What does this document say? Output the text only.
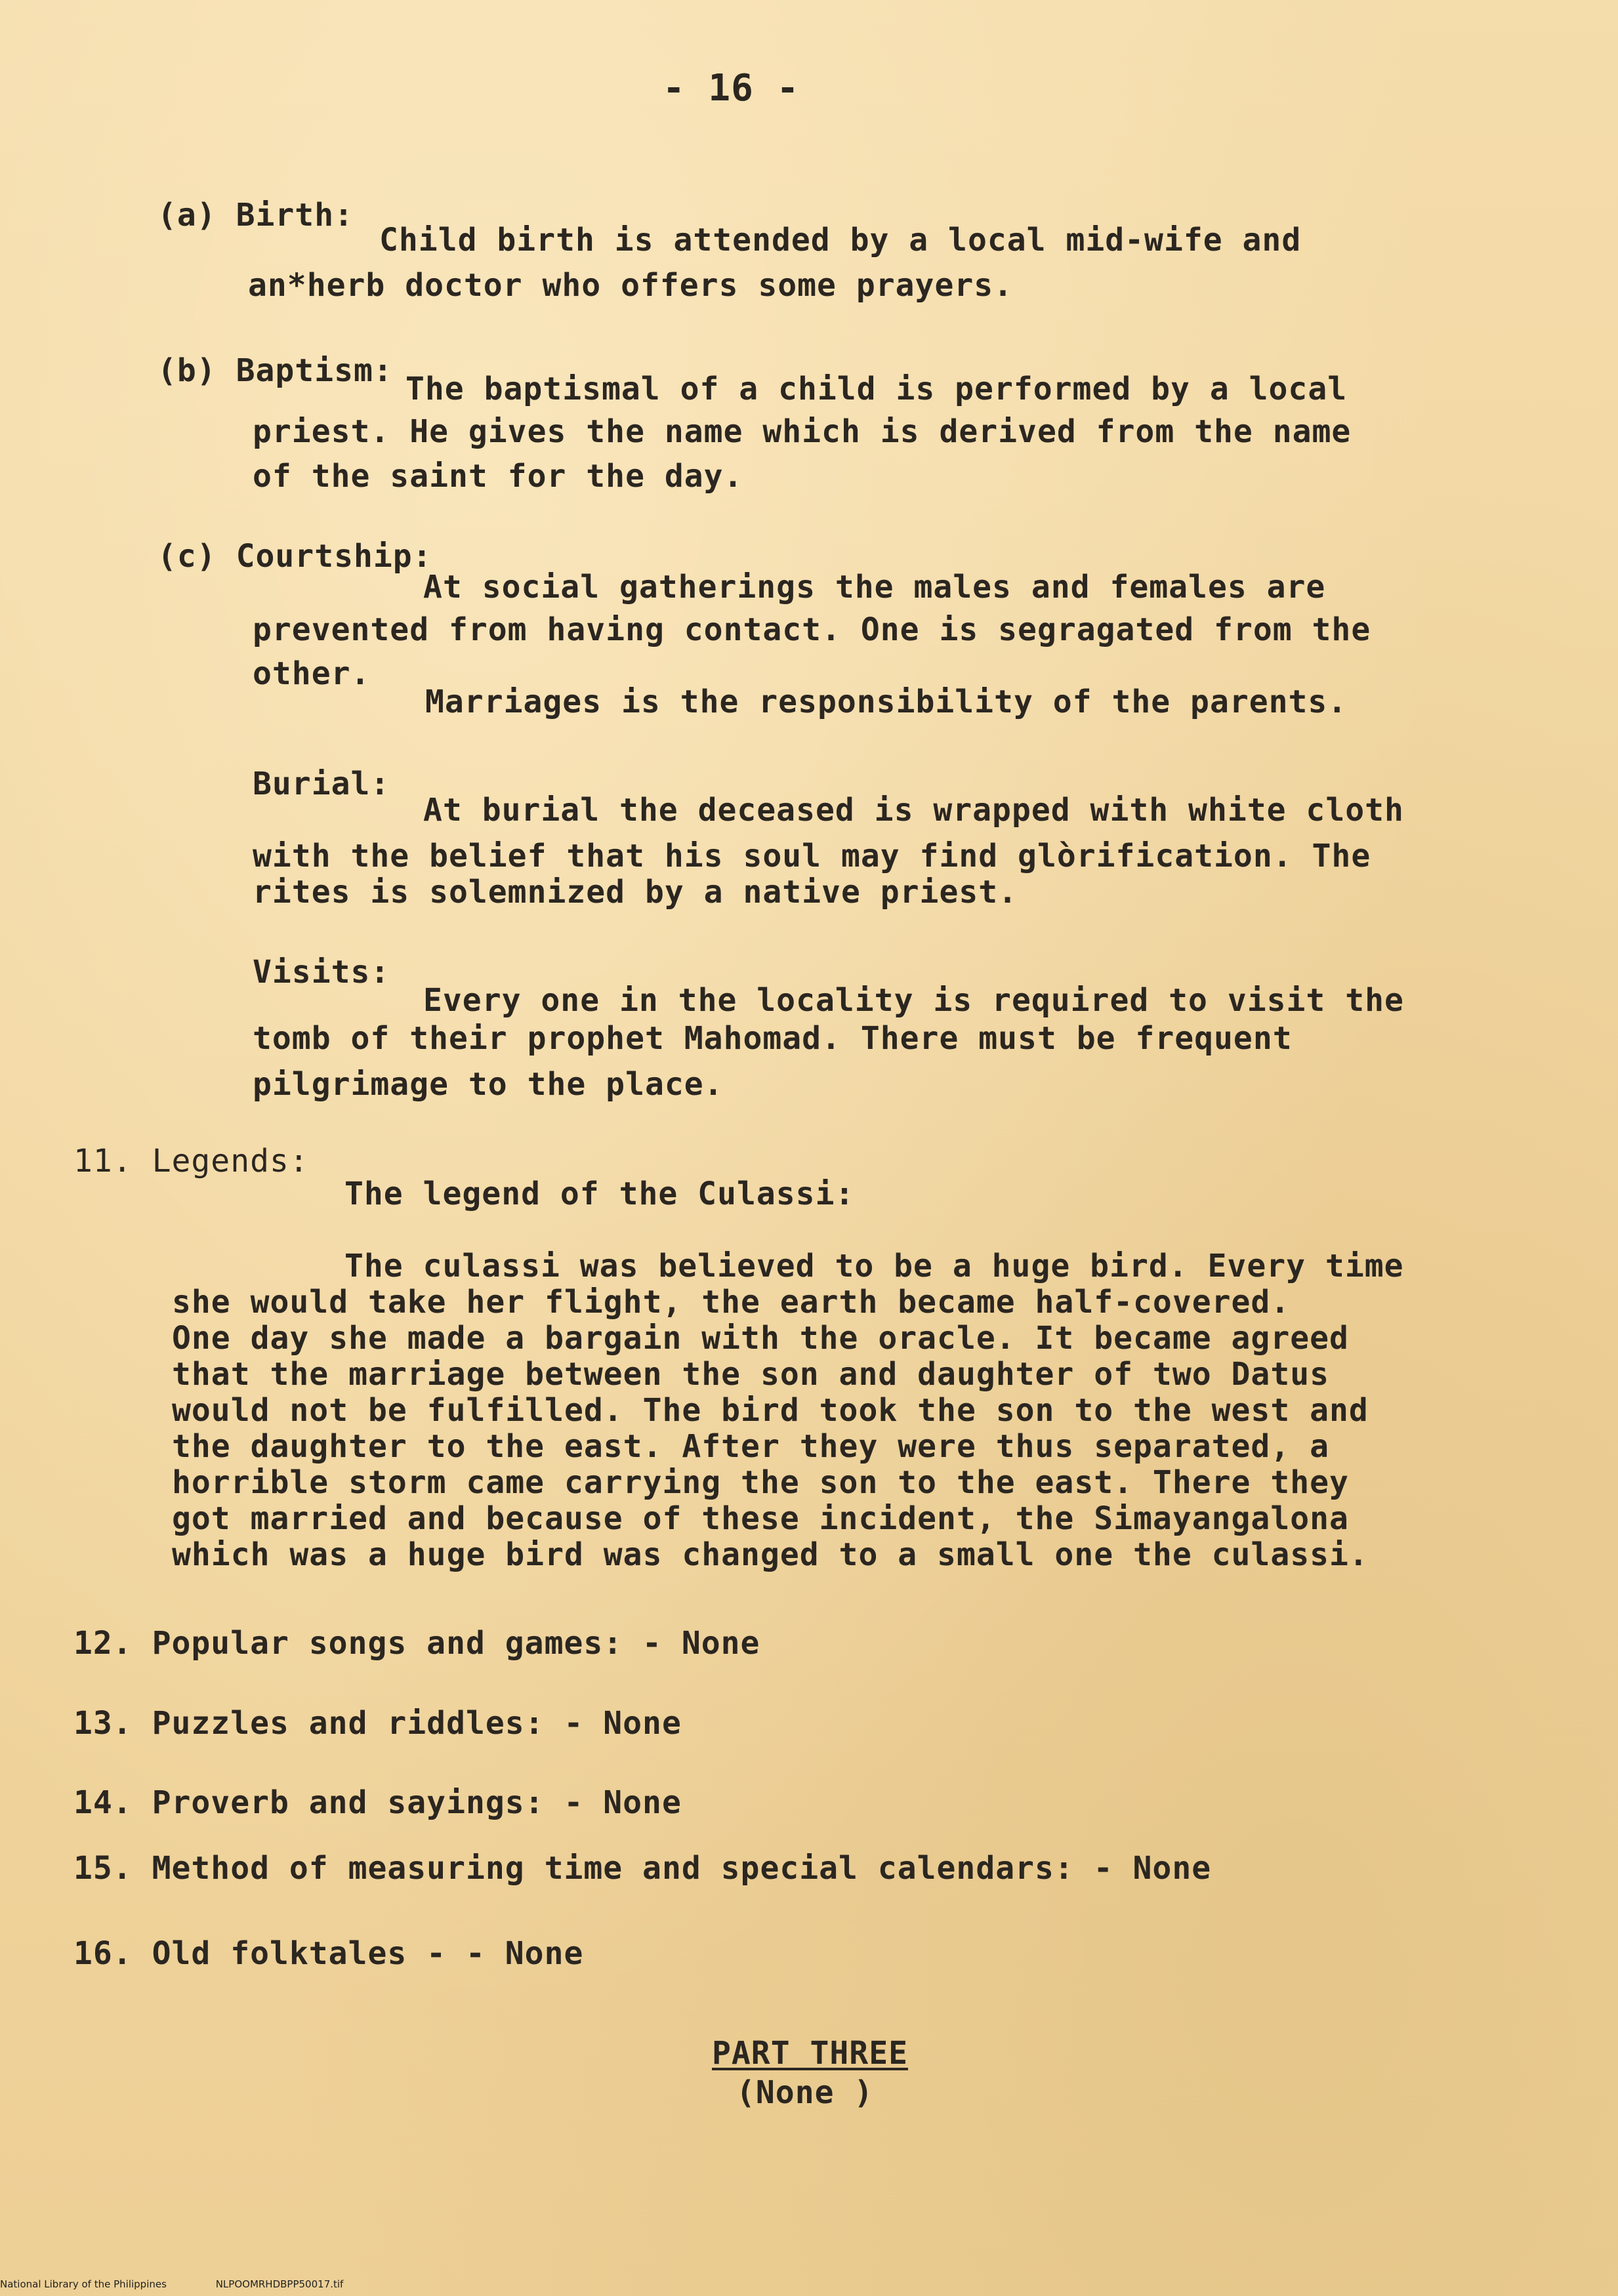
- 16 -
(a) Birth:
Child birth is attended by a local mid-wife and
an*herb doctor who offers some prayers.
(b) Baptism: The baptismal of a child is performed by a local
priest. He gives the name which is derived from the name
of the saint for the day.
(c) Courtship:
At social gatherings the males and females are
prevented from having contact. One is segragated from the
other.
Marriages is the responsibility of the parents.
Burial:
At burial the deceased is wrapped with white cloth
with the belief that his soul may find glòrification. The
rites is solemnized by a native priest.
Visits:
Every one in the locality is required to visit the
tomb of their prophet Mahomad. There must be frequent
pilgrimage to the place.
11. Legends:
The legend of the Culassi:
The culassi was believed to be a huge bird. Every time
she would take her flight, the earth became half-covered.
One day she made a bargain with the oracle. It became agreed
that the marriage between the son and daughter of two Datus
would not be fulfilled. The bird took the son to the west and
the daughter to the east. After they were thus separated, a
horrible storm came carrying the son to the east. There they
got married and because of these incident, the Simayangalona
which was a huge bird was changed to a small one the culassi.
12. Popular songs and games: - None
13. Puzzles and riddles: - None
14. Proverb and sayings: - None
15. Method of measuring time and special calendars: - None
16. Old folktales - - None
PART THREE
(None )
National Library of the Philippines	NLPOOMRHDBPP50017.tif
